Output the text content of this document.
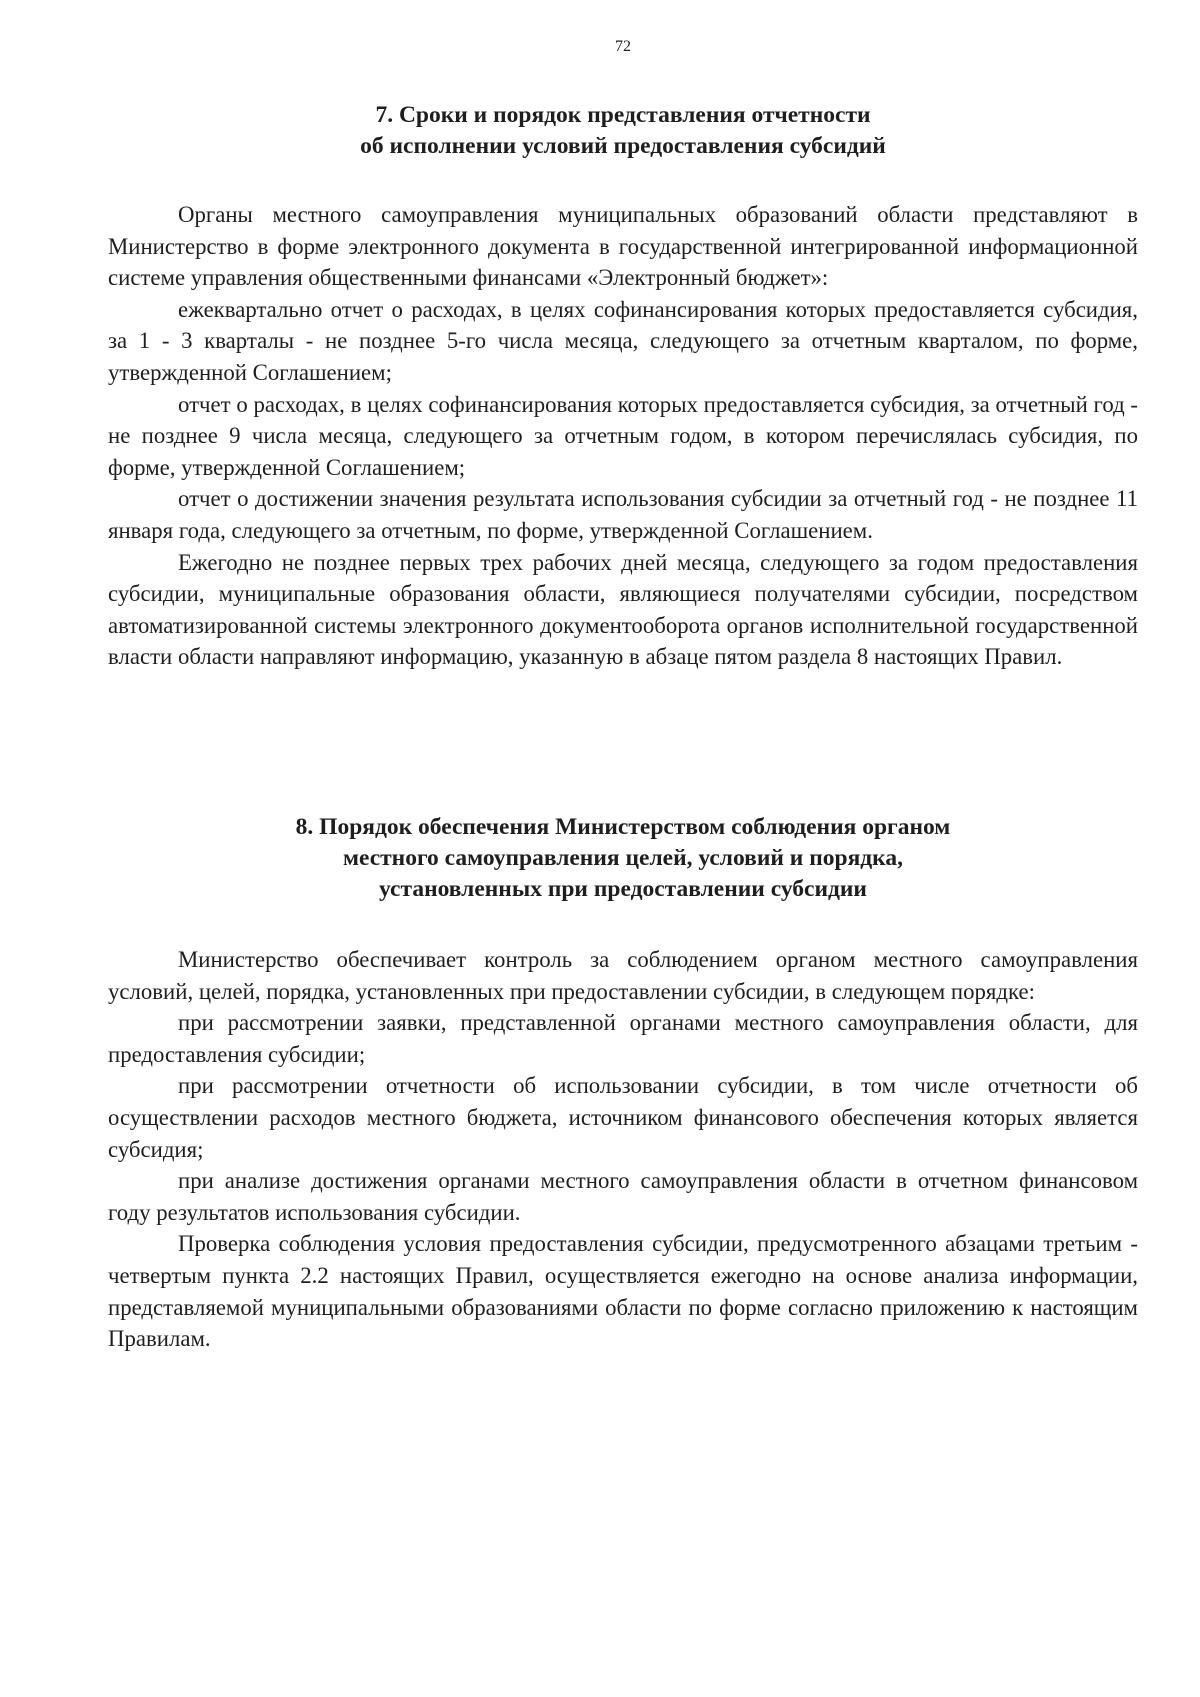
72
7. Сроки и порядок представления отчетности
об исполнении условий предоставления субсидий

Органы местного самоуправления муниципальных образований области представляют в Министерство в форме электронного документа в государственной интегрированной информационной системе управления общественными финансами «Электронный бюджет»:

ежеквартально отчет о расходах, в целях софинансирования которых предоставляется субсидия, за 1 - 3 кварталы - не позднее 5-го числа месяца, следующего за отчетным кварталом, по форме, утвержденной Соглашением;

отчет о расходах, в целях софинансирования которых предоставляется субсидия, за отчетный год - не позднее 9 числа месяца, следующего за отчетным годом, в котором перечислялась субсидия, по форме, утвержденной Соглашением;

отчет о достижении значения результата использования субсидии за отчетный год - не позднее 11 января года, следующего за отчетным, по форме, утвержденной Соглашением.

Ежегодно не позднее первых трех рабочих дней месяца, следующего за годом предоставления субсидии, муниципальные образования области, являющиеся получателями субсидии, посредством автоматизированной системы электронного документооборота органов исполнительной государственной власти области направляют информацию, указанную в абзаце пятом раздела 8 настоящих Правил.

8. Порядок обеспечения Министерством соблюдения органом
местного самоуправления целей, условий и порядка,
установленных при предоставлении субсидии

Министерство обеспечивает контроль за соблюдением органом местного самоуправления условий, целей, порядка, установленных при предоставлении субсидии, в следующем порядке:

при рассмотрении заявки, представленной органами местного самоуправления области, для предоставления субсидии;

при рассмотрении отчетности об использовании субсидии, в том числе отчетности об осуществлении расходов местного бюджета, источником финансового обеспечения которых является субсидия;

при анализе достижения органами местного самоуправления области в отчетном финансовом году результатов использования субсидии.

Проверка соблюдения условия предоставления субсидии, предусмотренного абзацами третьим - четвертым пункта 2.2 настоящих Правил, осуществляется ежегодно на основе анализа информации, представляемой муниципальными образованиями области по форме согласно приложению к настоящим Правилам.
